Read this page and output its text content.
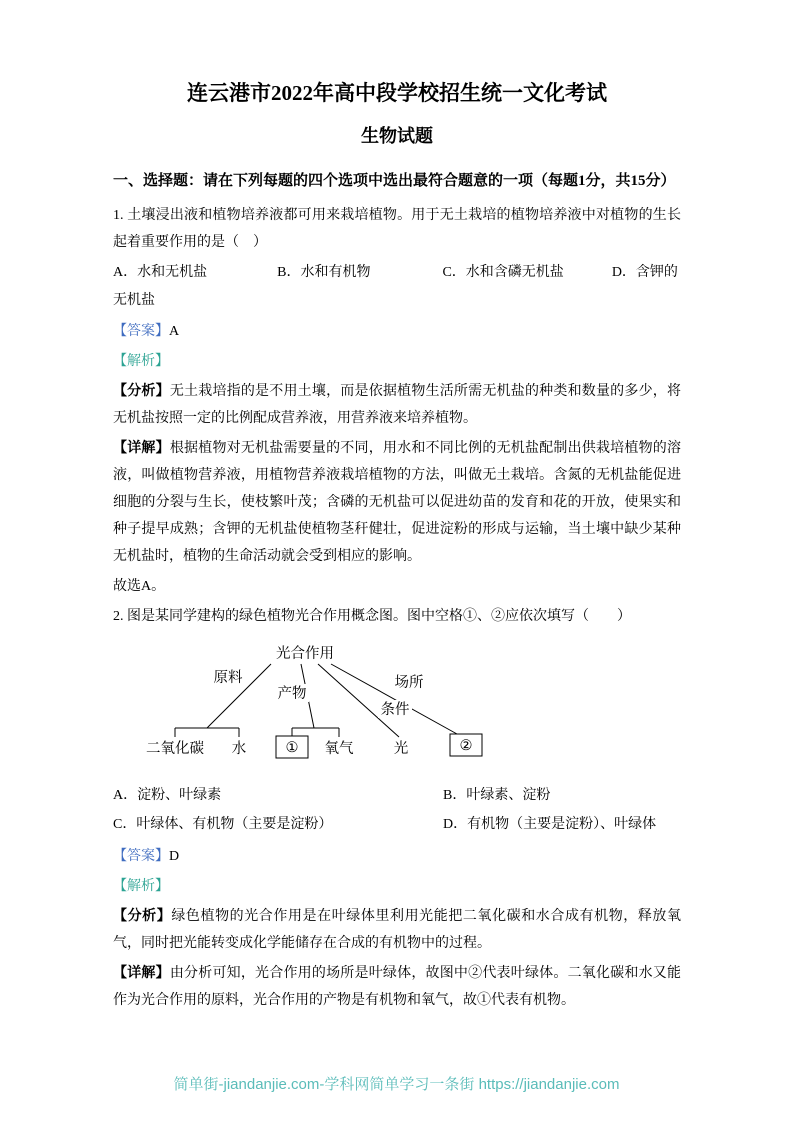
连云港市2022年高中段学校招生统一文化考试
生物试题
一、选择题：请在下列每题的四个选项中选出最符合题意的一项（每题1分，共15分）

1. 土壤浸出液和植物培养液都可用来栽培植物。用于无土栽培的植物培养液中对植物的生长起着重要作用的是（　）

A．水和无机盐	B．水和有机物	C．水和含磷无机盐	D．含钾的无机盐

【答案】A

【解析】

【分析】无土栽培指的是不用土壤，而是依据植物生活所需无机盐的种类和数量的多少，将无机盐按照一定的比例配成营养液，用营养液来培养植物。

【详解】根据植物对无机盐需要量的不同，用水和不同比例的无机盐配制出供栽培植物的溶液，叫做植物营养液，用植物营养液栽培植物的方法，叫做无土栽培。含氮的无机盐能促进细胞的分裂与生长，使枝繁叶茂；含磷的无机盐可以促进幼苗的发育和花的开放，使果实和种子提早成熟；含钾的无机盐使植物茎秆健壮，促进淀粉的形成与运输，当土壤中缺少某种无机盐时，植物的生命活动就会受到相应的影响。

故选A。

2. 图是某同学建构的绿色植物光合作用概念图。图中空格①、②应依次填写（　　）

光合作用
原料
产物
场所
条件
二氧化碳 水	① 氧气	光	②
A．淀粉、叶绿素	B．叶绿素、淀粉
C．叶绿体、有机物（主要是淀粉）	D．有机物（主要是淀粉）、叶绿体

【答案】D

【解析】

【分析】绿色植物的光合作用是在叶绿体里利用光能把二氧化碳和水合成有机物，释放氧气，同时把光能转变成化学能储存在合成的有机物中的过程。

【详解】由分析可知，光合作用的场所是叶绿体，故图中②代表叶绿体。二氧化碳和水又能作为光合作用的原料，光合作用的产物是有机物和氧气，故①代表有机物。

简单街-jiandanjie.com-学科网简单学习一条街 https://jiandanjie.com
